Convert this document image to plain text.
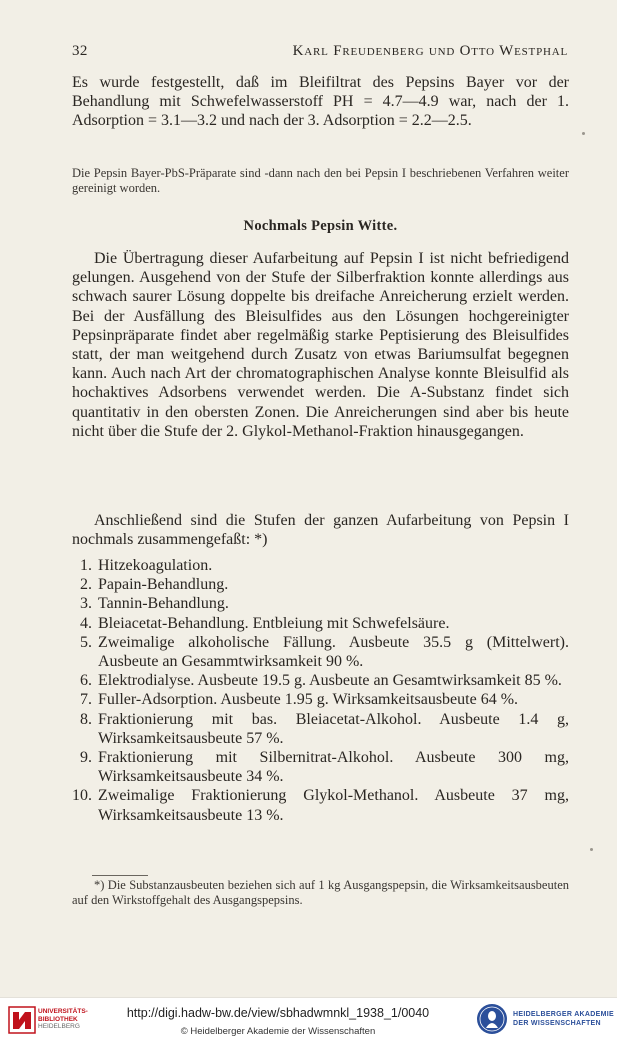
32	Karl Freudenberg und Otto Westphal
Es wurde festgestellt, daß im Bleifiltrat des Pepsins Bayer vor der Behandlung mit Schwefelwasserstoff PH = 4.7—4.9 war, nach der 1. Adsorption = 3.1—3.2 und nach der 3. Adsorption = 2.2—2.5.
Die Pepsin Bayer-PbS-Präparate sind -dann nach den bei Pepsin I beschriebenen Verfahren weiter gereinigt worden.
Nochmals Pepsin Witte.
Die Übertragung dieser Aufarbeitung auf Pepsin I ist nicht befriedigend gelungen. Ausgehend von der Stufe der Silberfraktion konnte allerdings aus schwach saurer Lösung doppelte bis dreifache Anreicherung erzielt werden. Bei der Ausfällung des Bleisulfides aus den Lösungen hochgereinigter Pepsinpräparate findet aber regelmäßig starke Peptisierung des Bleisulfides statt, der man weitgehend durch Zusatz von etwas Bariumsulfat begegnen kann. Auch nach Art der chromatographischen Analyse konnte Bleisulfid als hochaktives Adsorbens verwendet werden. Die A-Substanz findet sich quantitativ in den obersten Zonen. Die Anreicherungen sind aber bis heute nicht über die Stufe der 2. Glykol-Methanol-Fraktion hinausgegangen.
Anschließend sind die Stufen der ganzen Aufarbeitung von Pepsin I nochmals zusammengefaßt: *)
1. Hitzekoagulation.
2. Papain-Behandlung.
3. Tannin-Behandlung.
4. Bleiacetat-Behandlung. Entbleiung mit Schwefelsäure.
5. Zweimalige alkoholische Fällung. Ausbeute 35.5 g (Mittelwert). Ausbeute an Gesammtwirksamkeit 90 %.
6. Elektrodialyse. Ausbeute 19.5 g. Ausbeute an Gesamtwirksamkeit 85 %.
7. Fuller-Adsorption. Ausbeute 1.95 g. Wirksamkeitsausbeute 64 %.
8. Fraktionierung mit bas. Bleiacetat-Alkohol. Ausbeute 1.4 g, Wirksamkeitsausbeute 57 %.
9. Fraktionierung mit Silbernitrat-Alkohol. Ausbeute 300 mg, Wirksamkeitsausbeute 34 %.
10. Zweimalige Fraktionierung Glykol-Methanol. Ausbeute 37 mg, Wirksamkeitsausbeute 13 %.
*) Die Substanzausbeuten beziehen sich auf 1 kg Ausgangspepsin, die Wirksamkeitsausbeuten auf den Wirkstoffgehalt des Ausgangspepsins.
UNIVERSITÄTS-
BIBLIOTHEK
HEIDELBERG
http://digi.hadw-bw.de/view/sbhadwmnkl_1938_1/0040
© Heidelberger Akademie der Wissenschaften
HEIDELBERGER AKADEMIE
DER WISSENSCHAFTEN
